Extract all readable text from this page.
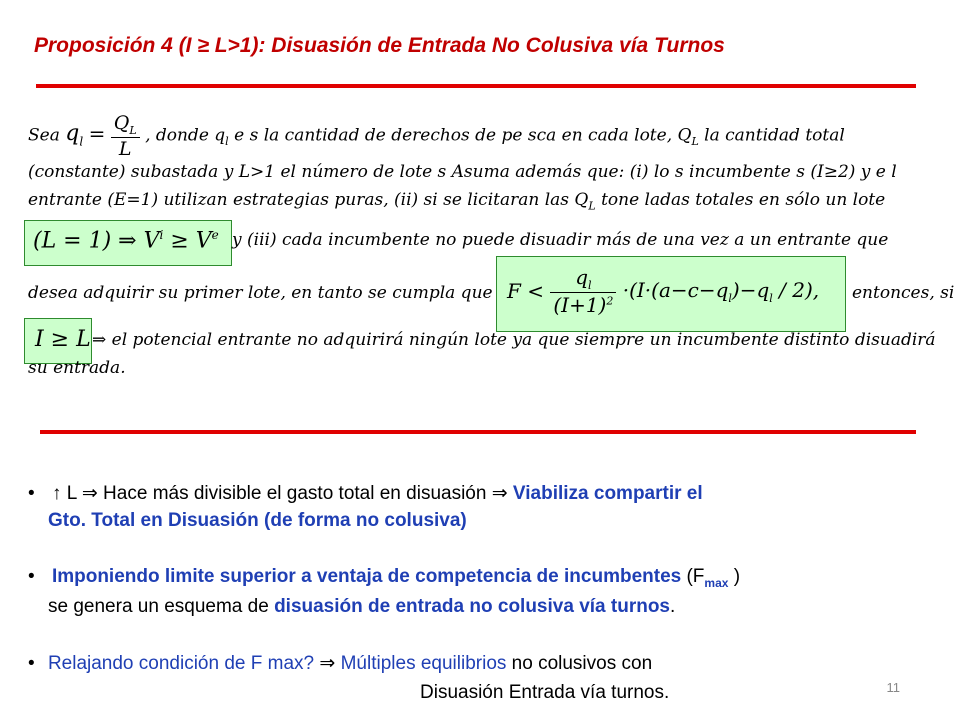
Proposición 4 (I ≥ L>1): Disuasión de Entrada No Colusiva vía Turnos
Sea $q_l = \frac{Q_L}{L}$ , donde $q_l$ e s la cantidad de derechos de pe sca en cada lote, $Q_L$ la cantidad total
(constante) subastada y L>1 el número de lote s Asuma además que: (i) lo s incumbente s (I≥2) y e l
entrante (E=1) utilizan estrategias puras, (ii) si se licitaran las $Q_L$ tone ladas totales en sólo un lote
(L = 1) ⇒ $V^i \ge V^e$ y (iii) cada incumbente no puede disuadir más de una vez a un entrante que
desea adquirir su primer lote, en tanto se cumpla que $F < \frac{q_l}{(I+1)^2} \cdot(I\cdot(a-c-q_l)-q_l / 2)$, entonces, si
I ≥ L ⇒ el potencial entrante no adquirirá ningún lote ya que siempre un incumbente distinto disuadirá
su entrada.
• ↑ L ⇒ Hace más divisible el gasto total en disuasión ⇒ Viabiliza compartir el
Gto. Total en Disuasión (de forma no colusiva)
• Imponiendo limite superior a ventaja de competencia de incumbentes ($F_{max}$ )
se genera un esquema de disuasión de entrada no colusiva vía turnos.
• Relajando condición de F max? ⇒ Múltiples equilibrios no colusivos con
Disuasión Entrada vía turnos.	11
